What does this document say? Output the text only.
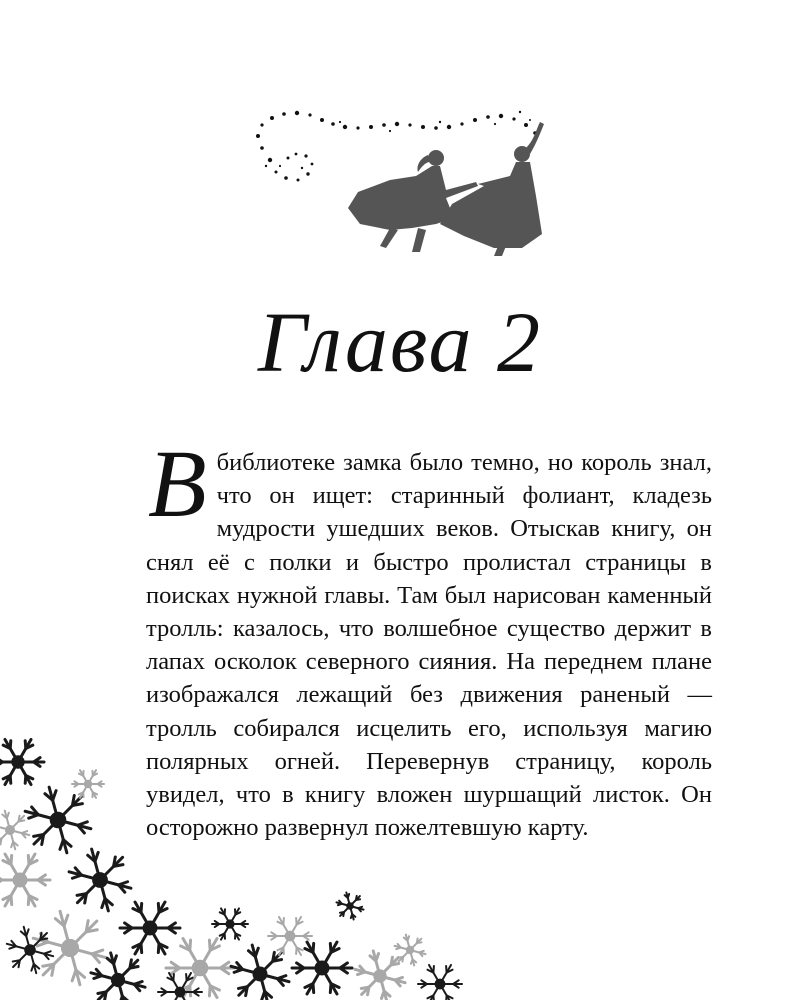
Глава 2

В библиотеке замка было темно, но король знал, что он ищет: старинный фолиант, кладезь мудрости ушедших веков. Отыскав книгу, он снял её с полки и быстро пролистал страницы в поисках нужной главы. Там был нарисован каменный тролль: казалось, что волшебное существо держит в лапах осколок северного сияния. На переднем плане изображался лежащий без движения раненый — тролль собирался исцелить его, используя магию полярных огней. Перевернув страницу, король увидел, что в книгу вложен шуршащий листок. Он осторожно развернул пожелтевшую карту.
